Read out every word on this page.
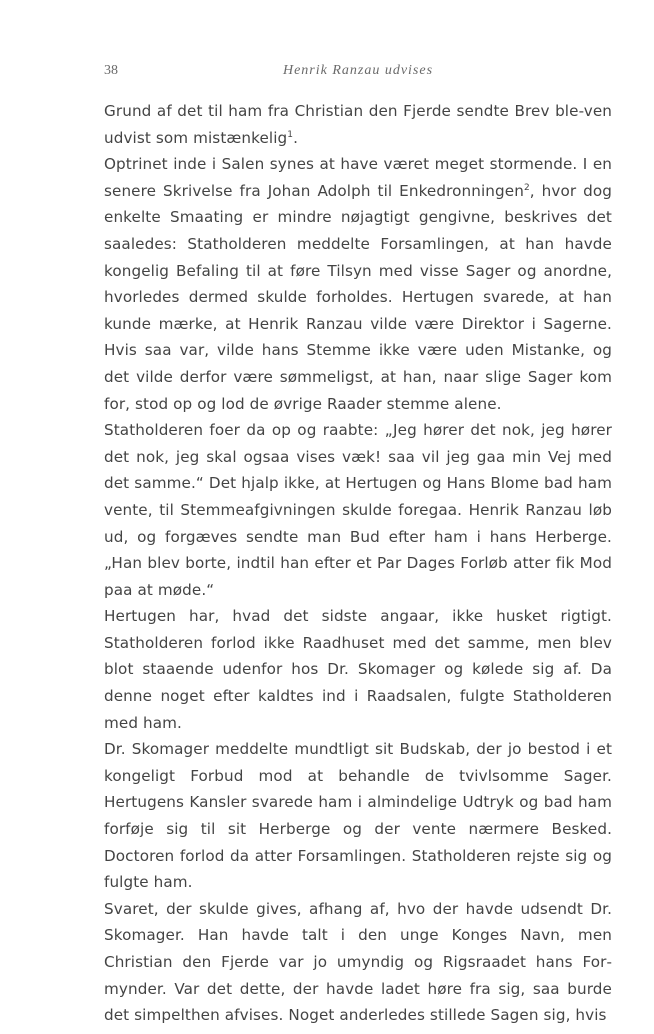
38	Henrik Ranzau udvises

Grund af det til ham fra Christian den Fjerde sendte Brev ble-ven udvist som mistænkelig$^1$.

Optrinet inde i Salen synes at have været meget stormende. I en senere Skrivelse fra Johan Adolph til Enkedronningen$^2$, hvor dog enkelte Smaating er mindre nøjagtigt gengivne, beskrives det saaledes: Statholderen meddelte Forsamlingen, at han havde kongelig Befaling til at føre Tilsyn med visse Sager og anordne, hvorledes dermed skulde forholdes. Hertugen svarede, at han kunde mærke, at Henrik Ranzau vilde være Direktor i Sagerne. Hvis saa var, vilde hans Stemme ikke være uden Mistanke, og det vilde derfor være sømmeligst, at han, naar slige Sager kom for, stod op og lod de øvrige Raader stemme alene.

Statholderen foer da op og raabte: „Jeg hører det nok, jeg hører det nok, jeg skal ogsaa vises væk! saa vil jeg gaa min Vej med det samme.“ Det hjalp ikke, at Hertugen og Hans Blome bad ham vente, til Stemmeafgivningen skulde foregaa. Henrik Ranzau løb ud, og forgæves sendte man Bud efter ham i hans Herberge. „Han blev borte, indtil han efter et Par Dages Forløb atter fik Mod paa at møde.“

Hertugen har, hvad det sidste angaar, ikke husket rigtigt. Statholderen forlod ikke Raadhuset med det samme, men blev blot staaende udenfor hos Dr. Skomager og kølede sig af. Da denne noget efter kaldtes ind i Raadsalen, fulgte Statholderen med ham.

Dr. Skomager meddelte mundtligt sit Budskab, der jo bestod i et kongeligt Forbud mod at behandle de tvivlsomme Sager. Hertugens Kansler svarede ham i almindelige Udtryk og bad ham forføje sig til sit Herberge og der vente nærmere Besked. Doctoren forlod da atter Forsamlingen. Statholderen rejste sig og fulgte ham.

Svaret, der skulde gives, afhang af, hvo der havde udsendt Dr. Skomager. Han havde talt i den unge Konges Navn, men Christian den Fjerde var jo umyndig og Rigsraadet hans Formynder. Var det dette, der havde ladet høre fra sig, saa burde det simpelthen afvises. Noget anderledes stillede Sagen sig, hvis
